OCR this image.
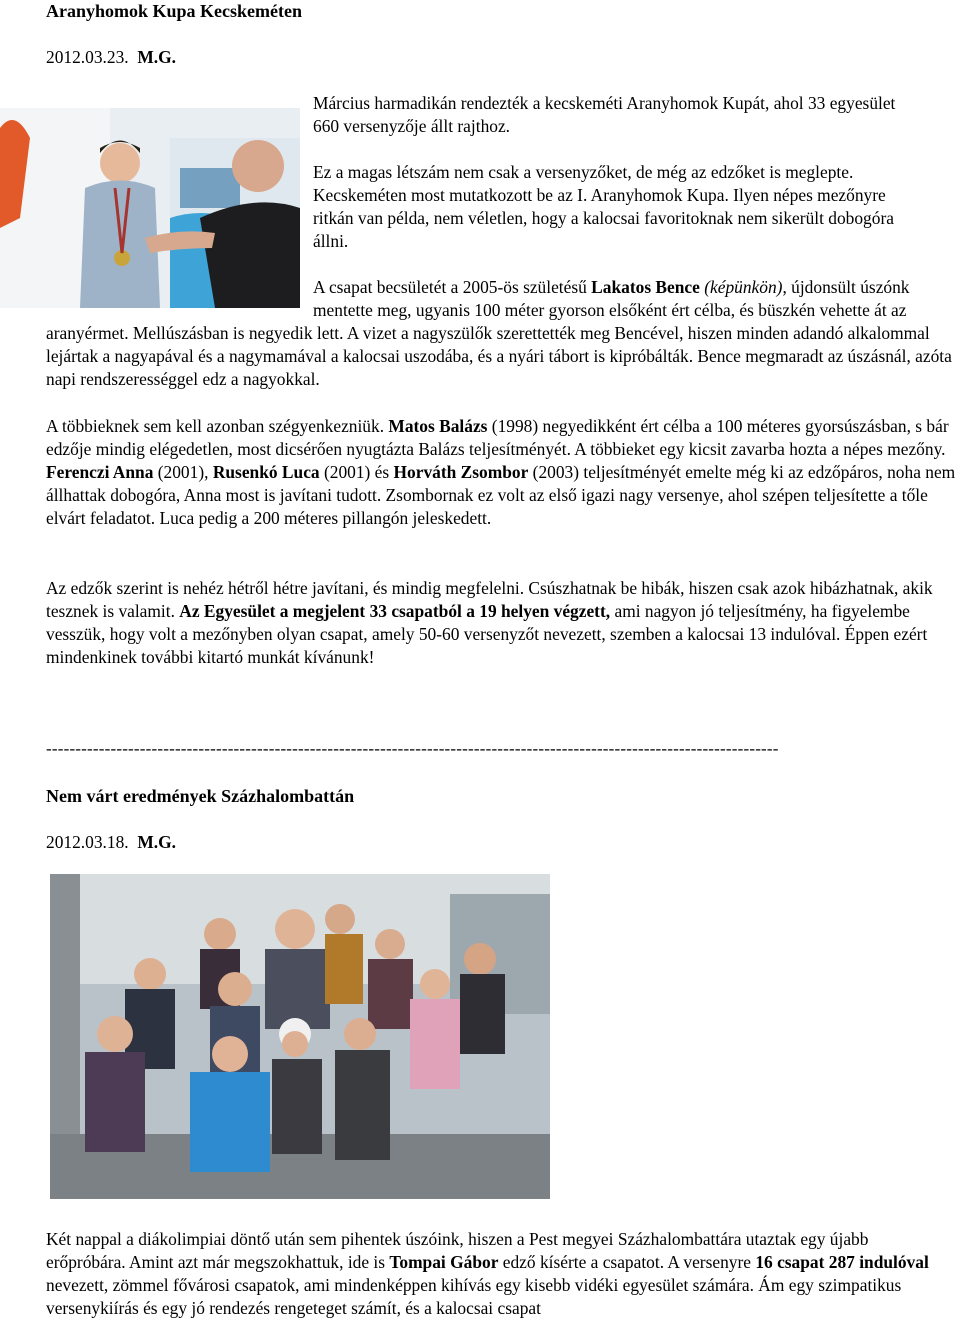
Aranyhomok Kupa Kecskeméten
2012.03.23. M.G.
Március harmadikán rendezték a kecskeméti Aranyhomok Kupát, ahol 33 egyesület 660 versenyzője állt rajthoz.
Ez a magas létszám nem csak a versenyzőket, de még az edzőket is meglepte. Kecskeméten most mutatkozott be az I. Aranyhomok Kupa. Ilyen népes mezőnyre ritkán van példa, nem véletlen, hogy a kalocsai favoritoknak nem sikerült dobogóra állni.
A csapat becsületét a 2005-ös születésű Lakatos Bence (képünkön), újdonsült úszónk mentette meg, ugyanis 100 méter gyorson elsőként ért célba, és büszkén vehette át az aranyérmet. Mellúszásban is negyedik lett. A vizet a nagyszülők szerettették meg Bencével, hiszen minden adandó alkalommal lejártak a nagyapával és a nagymamával a kalocsai uszodába, és a nyári tábort is kipróbálták. Bence megmaradt az úszásnál, azóta napi rendszerességgel edz a nagyokkal.
A többieknek sem kell azonban szégyenkezniük. Matos Balázs (1998) negyedikként ért célba a 100 méteres gyorsúszásban, s bár edzője mindig elégedetlen, most dicsérően nyugtázta Balázs teljesítményét. A többieket egy kicsit zavarba hozta a népes mezőny. Ferenczi Anna (2001), Rusenkó Luca (2001) és Horváth Zsombor (2003) teljesítményét emelte még ki az edzőpáros, noha nem állhattak dobogóra, Anna most is javítani tudott. Zsombornak ez volt az első igazi nagy versenye, ahol szépen teljesítette a tőle elvárt feladatot. Luca pedig a 200 méteres pillangón jeleskedett.
Az edzők szerint is nehéz hétről hétre javítani, és mindig megfelelni. Csúszhatnak be hibák, hiszen csak azok hibázhatnak, akik tesznek is valamit. Az Egyesület a megjelent 33 csapatból a 19 helyen végzett, ami nagyon jó teljesítmény, ha figyelembe vesszük, hogy volt a mezőnyben olyan csapat, amely 50-60 versenyzőt nevezett, szemben a kalocsai 13 indulóval. Éppen ezért mindenkinek további kitartó munkát kívánunk!
-----------------------------------------------------------------------------------------------------------------------------
Nem várt eredmények Százhalombattán
2012.03.18. M.G.
Két nappal a diákolimpiai döntő után sem pihentek úszóink, hiszen a Pest megyei Százhalombattára utaztak egy újabb erőpróbára. Amint azt már megszokhattuk, ide is Tompai Gábor edző kísérte a csapatot. A versenyre 16 csapat 287 indulóval nevezett, zömmel fővárosi csapatok, ami mindenképpen kihívás egy kisebb vidéki egyesület számára. Ám egy szimpatikus versenykiírás és egy jó rendezés rengeteget számít, és a kalocsai csapat
